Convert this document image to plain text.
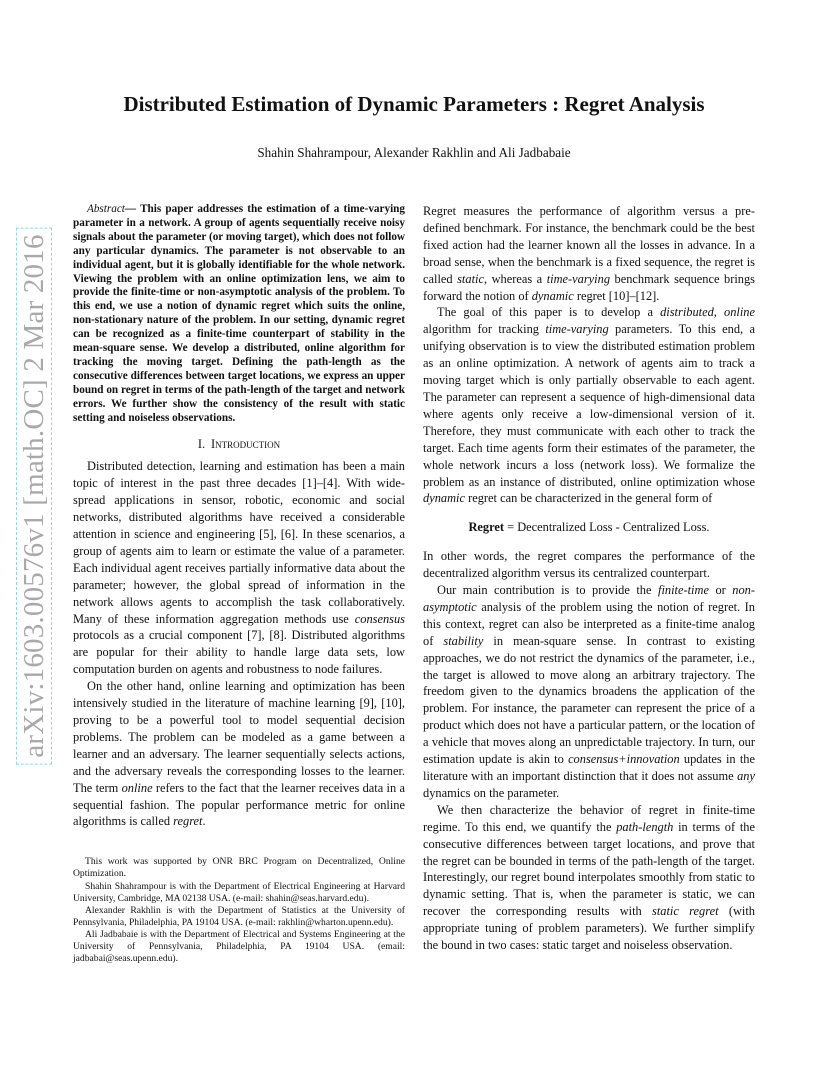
arXiv:1603.00576v1 [math.OC] 2 Mar 2016
Distributed Estimation of Dynamic Parameters : Regret Analysis

Shahin Shahrampour, Alexander Rakhlin and Ali Jadbabaie

Abstract— This paper addresses the estimation of a time-varying parameter in a network. A group of agents sequentially receive noisy signals about the parameter (or moving target), which does not follow any particular dynamics. The parameter is not observable to an individual agent, but it is globally identifiable for the whole network. Viewing the problem with an online optimization lens, we aim to provide the finite-time or non-asymptotic analysis of the problem. To this end, we use a notion of dynamic regret which suits the online, non-stationary nature of the problem. In our setting, dynamic regret can be recognized as a finite-time counterpart of stability in the mean-square sense. We develop a distributed, online algorithm for tracking the moving target. Defining the path-length as the consecutive differences between target locations, we express an upper bound on regret in terms of the path-length of the target and network errors. We further show the consistency of the result with static setting and noiseless observations.

I. Introduction

Distributed detection, learning and estimation has been a main topic of interest in the past three decades [1]–[4]. With wide-spread applications in sensor, robotic, economic and social networks, distributed algorithms have received a considerable attention in science and engineering [5], [6]. In these scenarios, a group of agents aim to learn or estimate the value of a parameter. Each individual agent receives partially informative data about the parameter; however, the global spread of information in the network allows agents to accomplish the task collaboratively. Many of these information aggregation methods use consensus protocols as a crucial component [7], [8]. Distributed algorithms are popular for their ability to handle large data sets, low computation burden on agents and robustness to node failures.

On the other hand, online learning and optimization has been intensively studied in the literature of machine learning [9], [10], proving to be a powerful tool to model sequential decision problems. The problem can be modeled as a game between a learner and an adversary. The learner sequentially selects actions, and the adversary reveals the corresponding losses to the learner. The term online refers to the fact that the learner receives data in a sequential fashion. The popular performance metric for online algorithms is called regret.

This work was supported by ONR BRC Program on Decentralized, Online Optimization.

Shahin Shahrampour is with the Department of Electrical Engineering at Harvard University, Cambridge, MA 02138 USA. (e-mail: shahin@seas.harvard.edu).

Alexander Rakhlin is with the Department of Statistics at the University of Pennsylvania, Philadelphia, PA 19104 USA. (e-mail: rakhlin@wharton.upenn.edu).

Ali Jadbabaie is with the Department of Electrical and Systems Engineering at the University of Pennsylvania, Philadelphia, PA 19104 USA. (email: jadbabai@seas.upenn.edu).

Regret measures the performance of algorithm versus a pre-defined benchmark. For instance, the benchmark could be the best fixed action had the learner known all the losses in advance. In a broad sense, when the benchmark is a fixed sequence, the regret is called static, whereas a time-varying benchmark sequence brings forward the notion of dynamic regret [10]–[12].

The goal of this paper is to develop a distributed, online algorithm for tracking time-varying parameters. To this end, a unifying observation is to view the distributed estimation problem as an online optimization. A network of agents aim to track a moving target which is only partially observable to each agent. The parameter can represent a sequence of high-dimensional data where agents only receive a low-dimensional version of it. Therefore, they must communicate with each other to track the target. Each time agents form their estimates of the parameter, the whole network incurs a loss (network loss). We formalize the problem as an instance of distributed, online optimization whose dynamic regret can be characterized in the general form of

Regret = Decentralized Loss - Centralized Loss.

In other words, the regret compares the performance of the decentralized algorithm versus its centralized counterpart.

Our main contribution is to provide the finite-time or non-asymptotic analysis of the problem using the notion of regret. In this context, regret can also be interpreted as a finite-time analog of stability in mean-square sense. In contrast to existing approaches, we do not restrict the dynamics of the parameter, i.e., the target is allowed to move along an arbitrary trajectory. The freedom given to the dynamics broadens the application of the problem. For instance, the parameter can represent the price of a product which does not have a particular pattern, or the location of a vehicle that moves along an unpredictable trajectory. In turn, our estimation update is akin to consensus+innovation updates in the literature with an important distinction that it does not assume any dynamics on the parameter.

We then characterize the behavior of regret in finite-time regime. To this end, we quantify the path-length in terms of the consecutive differences between target locations, and prove that the regret can be bounded in terms of the path-length of the target. Interestingly, our regret bound interpolates smoothly from static to dynamic setting. That is, when the parameter is static, we can recover the corresponding results with static regret (with appropriate tuning of problem parameters). We further simplify the bound in two cases: static target and noiseless observation.
